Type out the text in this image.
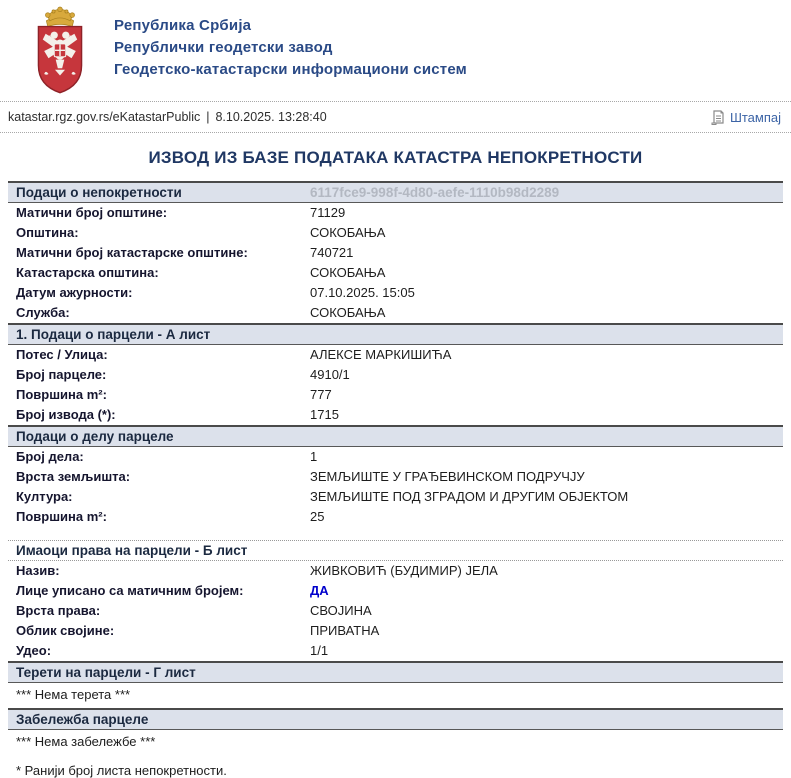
Република Србија
Републички геодетски завод
Геодетско-катастарски информациони систем
katastar.rgz.gov.rs/eKatastarPublic | 8.10.2025. 13:28:40	Штампај
ИЗВОД ИЗ БАЗЕ ПОДАТАКА КАТАСТРА НЕПОКРЕТНОСТИ
Подаци о непокретности	6117fce9-998f-4d80-aefe-1110b98d2289
Матични број општине:	71129
Општина:	СОКОБАЊА
Матични број катастарске општине:	740721
Катастарска општина:	СОКОБАЊА
Датум ажурности:	07.10.2025. 15:05
Служба:	СОКОБАЊА
1. Подаци о парцели - А лист
Потес / Улица:	АЛЕКСЕ МАРКИШИЋА
Број парцеле:	4910/1
Површина m²:	777
Број извода (*):	1715
Подаци о делу парцеле
Број дела:	1
Врста земљишта:	ЗЕМЉИШТЕ У ГРАЂЕВИНСКОМ ПОДРУЧЈУ
Култура:	ЗЕМЉИШТЕ ПОД ЗГРАДОМ И ДРУГИМ ОБЈЕКТОМ
Површина m²:	25
Имаоци права на парцели - Б лист
Назив:	ЖИВКОВИЋ (БУДИМИР) ЈЕЛА
Лице уписано са матичним бројем:	ДА
Врста права:	СВОЈИНА
Облик својине:	ПРИВАТНА
Удео:	1/1
Терети на парцели - Г лист
*** Нема терета ***
Забележба парцеле
*** Нема забележбе ***
* Ранији број листа непокретности.
